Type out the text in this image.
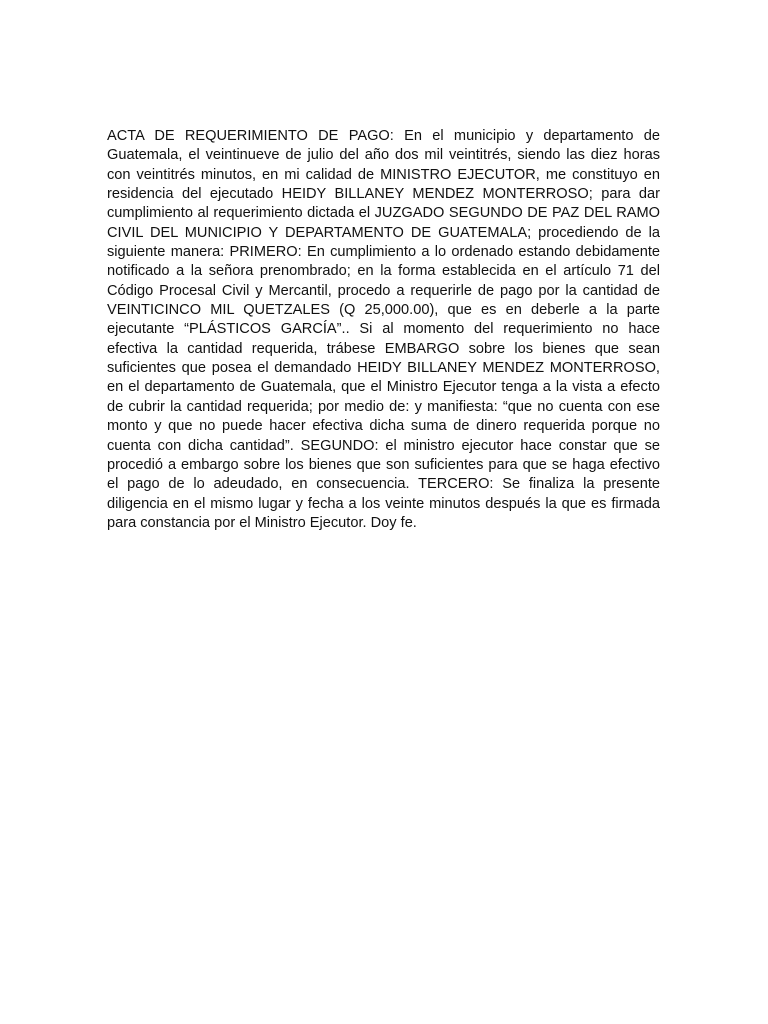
ACTA DE REQUERIMIENTO DE PAGO: En el municipio y departamento de Guatemala, el veintinueve de julio del año dos mil veintitrés, siendo las diez horas con veintitrés minutos, en mi calidad de MINISTRO EJECUTOR, me constituyo en residencia del ejecutado HEIDY BILLANEY MENDEZ MONTERROSO; para dar cumplimiento al requerimiento dictada el JUZGADO SEGUNDO DE PAZ DEL RAMO CIVIL DEL MUNICIPIO Y DEPARTAMENTO DE GUATEMALA; procediendo de la siguiente manera: PRIMERO: En cumplimiento a lo ordenado estando debidamente notificado a la señora prenombrado; en la forma establecida en el artículo 71 del Código Procesal Civil y Mercantil, procedo a requerirle de pago por la cantidad de VEINTICINCO MIL QUETZALES (Q 25,000.00), que es en deberle a la parte ejecutante “PLÁSTICOS GARCÍA”.. Si al momento del requerimiento no hace efectiva la cantidad requerida, trábese EMBARGO sobre los bienes que sean suficientes que posea el demandado HEIDY BILLANEY MENDEZ MONTERROSO, en el departamento de Guatemala, que el Ministro Ejecutor tenga a la vista a efecto de cubrir la cantidad requerida; por medio de: y manifiesta: “que no cuenta con ese monto y que no puede hacer efectiva dicha suma de dinero requerida porque no cuenta con dicha cantidad”. SEGUNDO: el ministro ejecutor hace constar que se procedió a embargo sobre los bienes que son suficientes para que se haga efectivo el pago de lo adeudado, en consecuencia. TERCERO: Se finaliza la presente diligencia en el mismo lugar y fecha a los veinte minutos después la que es firmada para constancia por el Ministro Ejecutor. Doy fe.
